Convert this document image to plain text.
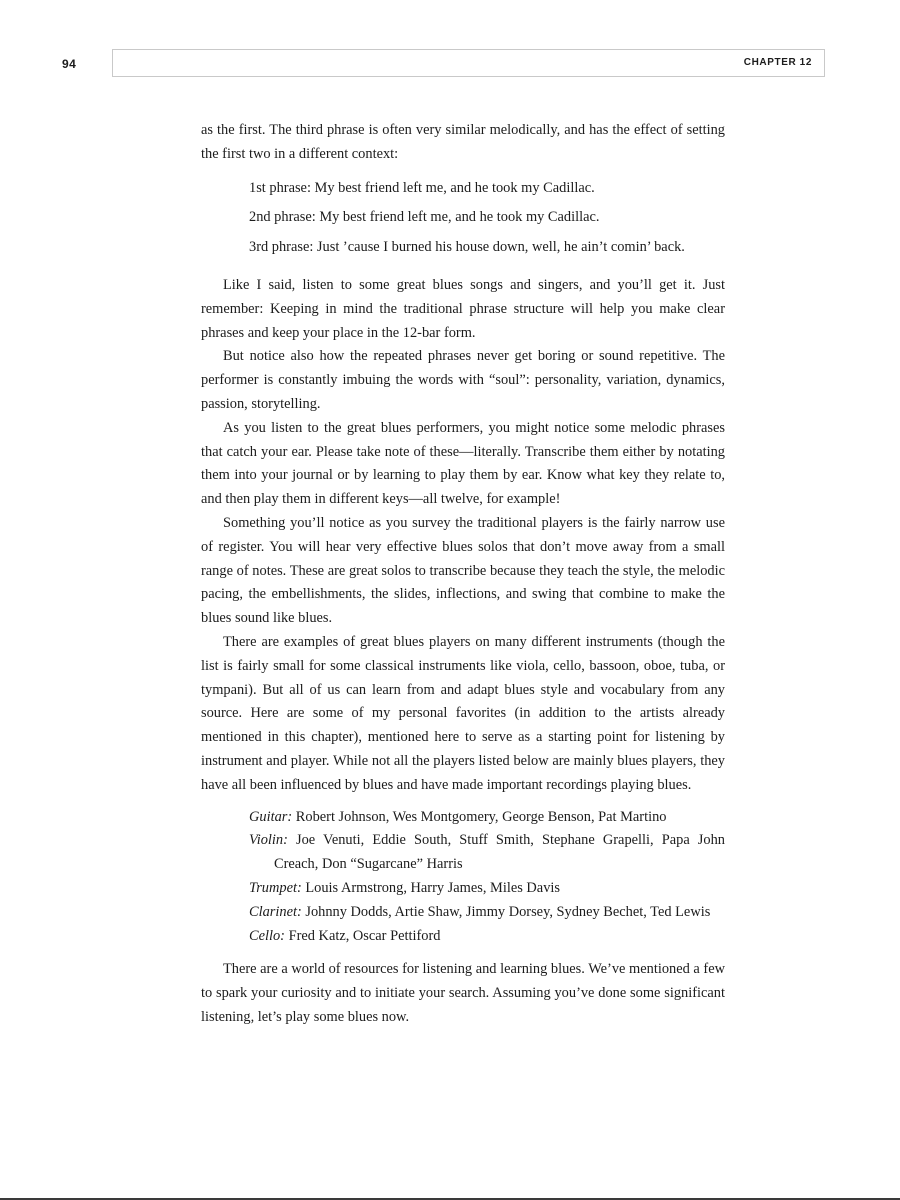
94	CHAPTER 12

as the first. The third phrase is often very similar melodically, and has the effect of setting the first two in a different context:

1st phrase: My best friend left me, and he took my Cadillac.

2nd phrase: My best friend left me, and he took my Cadillac.

3rd phrase: Just ’cause I burned his house down, well, he ain’t comin’ back.

Like I said, listen to some great blues songs and singers, and you’ll get it. Just remember: Keeping in mind the traditional phrase structure will help you make clear phrases and keep your place in the 12-bar form.

But notice also how the repeated phrases never get boring or sound repetitive. The performer is constantly imbuing the words with “soul”: personality, variation, dynamics, passion, storytelling.

As you listen to the great blues performers, you might notice some melodic phrases that catch your ear. Please take note of these—literally. Transcribe them either by notating them into your journal or by learning to play them by ear. Know what key they relate to, and then play them in different keys—all twelve, for example!

Something you’ll notice as you survey the traditional players is the fairly narrow use of register. You will hear very effective blues solos that don’t move away from a small range of notes. These are great solos to transcribe because they teach the style, the melodic pacing, the embellishments, the slides, inflections, and swing that combine to make the blues sound like blues.

There are examples of great blues players on many different instruments (though the list is fairly small for some classical instruments like viola, cello, bassoon, oboe, tuba, or tympani). But all of us can learn from and adapt blues style and vocabulary from any source. Here are some of my personal favorites (in addition to the artists already mentioned in this chapter), mentioned here to serve as a starting point for listening by instrument and player. While not all the players listed below are mainly blues players, they have all been influenced by blues and have made important recordings playing blues.

Guitar: Robert Johnson, Wes Montgomery, George Benson, Pat Martino
Violin: Joe Venuti, Eddie South, Stuff Smith, Stephane Grapelli, Papa John Creach, Don “Sugarcane” Harris
Trumpet: Louis Armstrong, Harry James, Miles Davis
Clarinet: Johnny Dodds, Artie Shaw, Jimmy Dorsey, Sydney Bechet, Ted Lewis
Cello: Fred Katz, Oscar Pettiford

There are a world of resources for listening and learning blues. We’ve mentioned a few to spark your curiosity and to initiate your search. Assuming you’ve done some significant listening, let’s play some blues now.
